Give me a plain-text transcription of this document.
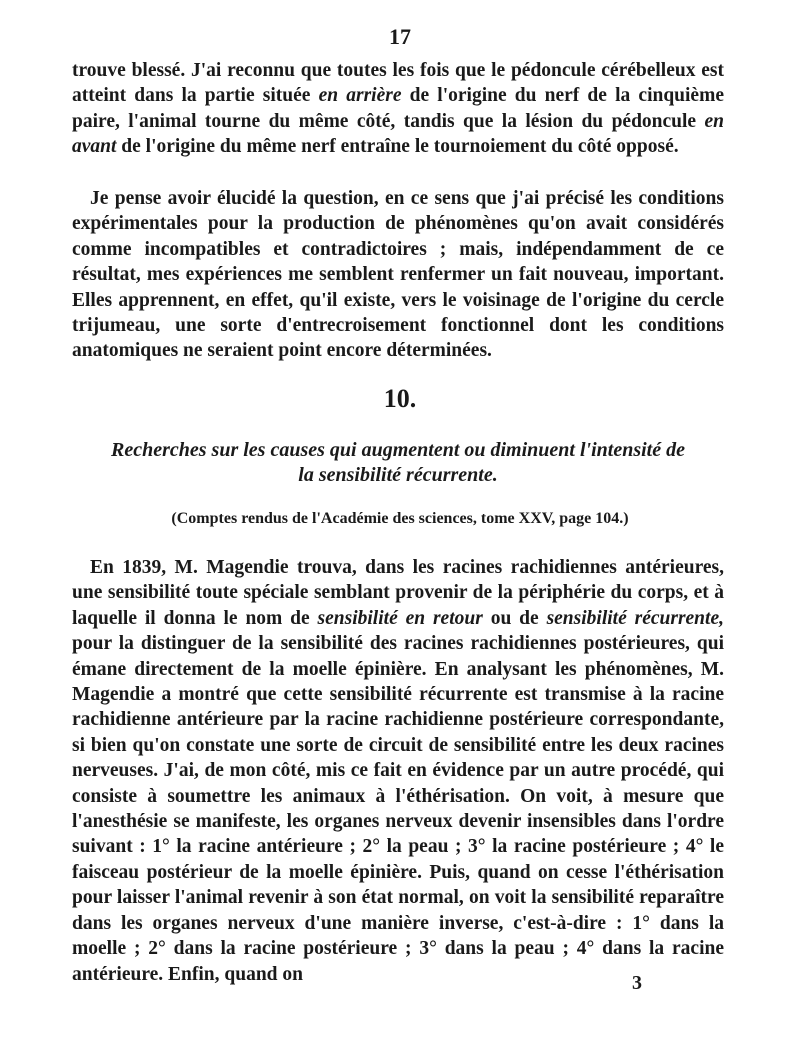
17
trouve blessé. J'ai reconnu que toutes les fois que le pédoncule cérébelleux est atteint dans la partie située en arrière de l'origine du nerf de la cinquième paire, l'animal tourne du même côté, tandis que la lésion du pédoncule en avant de l'origine du même nerf entraîne le tournoiement du côté opposé.
Je pense avoir élucidé la question, en ce sens que j'ai précisé les conditions expérimentales pour la production de phénomènes qu'on avait considérés comme incompatibles et contradictoires ; mais, indépendamment de ce résultat, mes expériences me semblent renfermer un fait nouveau, important. Elles apprennent, en effet, qu'il existe, vers le voisinage de l'origine du cercle trijumeau, une sorte d'entrecroisement fonctionnel dont les conditions anatomiques ne seraient point encore déterminées.
10.
Recherches sur les causes qui augmentent ou diminuent l'intensité de
la sensibilité récurrente.
(Comptes rendus de l'Académie des sciences, tome XXV, page 104.)
En 1839, M. Magendie trouva, dans les racines rachidiennes antérieures, une sensibilité toute spéciale semblant provenir de la périphérie du corps, et à laquelle il donna le nom de sensibilité en retour ou de sensibilité récurrente, pour la distinguer de la sensibilité des racines rachidiennes postérieures, qui émane directement de la moelle épinière. En analysant les phénomènes, M. Magendie a montré que cette sensibilité récurrente est transmise à la racine rachidienne antérieure par la racine rachidienne postérieure correspondante, si bien qu'on constate une sorte de circuit de sensibilité entre les deux racines nerveuses. J'ai, de mon côté, mis ce fait en évidence par un autre procédé, qui consiste à soumettre les animaux à l'éthérisation. On voit, à mesure que l'anesthésie se manifeste, les organes nerveux devenir insensibles dans l'ordre suivant : 1° la racine antérieure ; 2° la peau ; 3° la racine postérieure ; 4° le faisceau postérieur de la moelle épinière. Puis, quand on cesse l'éthérisation pour laisser l'animal revenir à son état normal, on voit la sensibilité reparaître dans les organes nerveux d'une manière inverse, c'est-à-dire : 1° dans la moelle ; 2° dans la racine postérieure ; 3° dans la peau ; 4° dans la racine antérieure. Enfin, quand on	3
